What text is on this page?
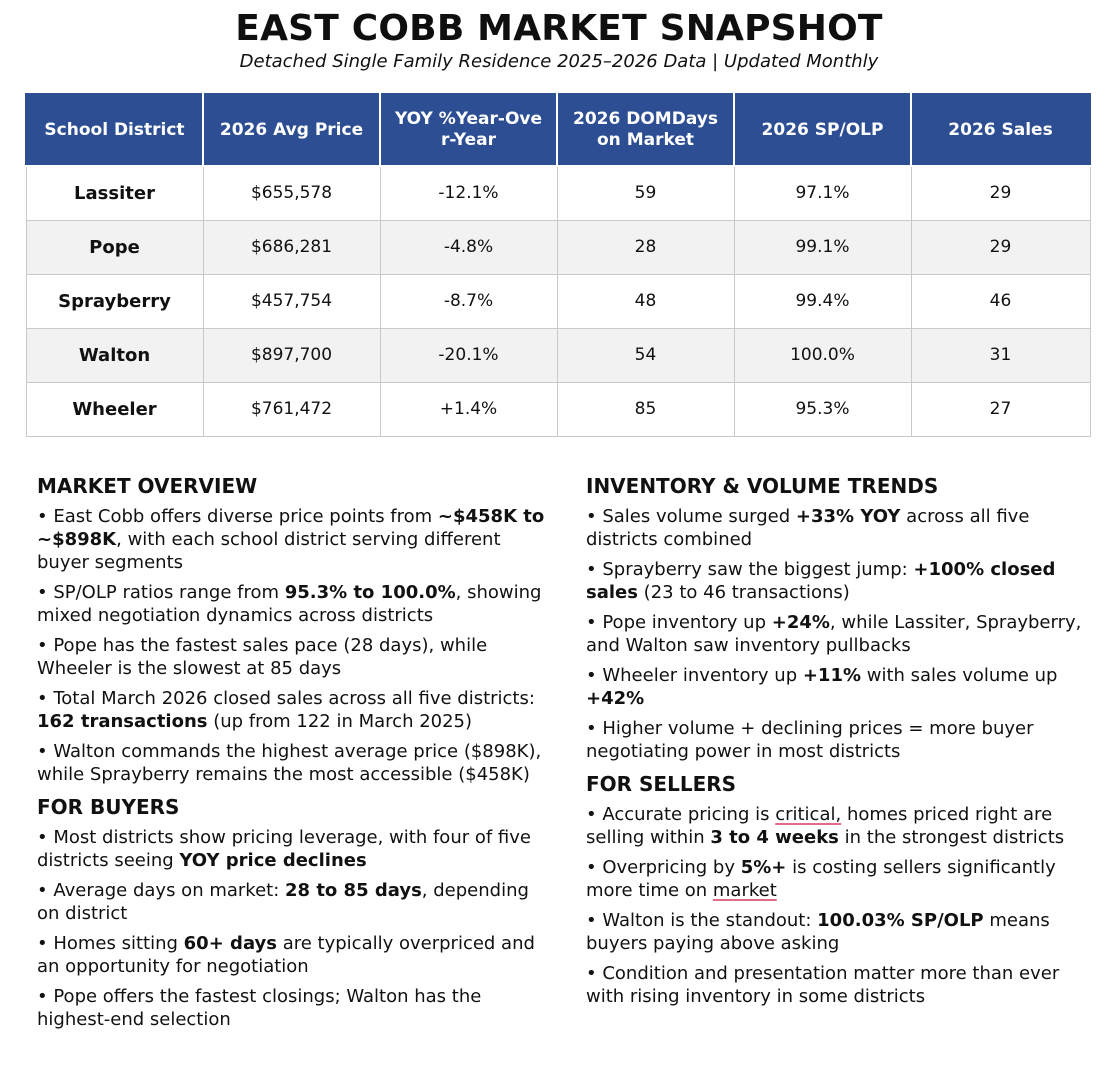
EAST COBB MARKET SNAPSHOT
Detached Single Family Residence 2025–2026 Data | Updated Monthly
School District	2026 Avg Price	YOY %Year-Over-Year	2026 DOMDays on Market	2026 SP/OLP	2026 Sales
Lassiter	$655,578	-12.1%	59	97.1%	29
Pope	$686,281	-4.8%	28	99.1%	29
Sprayberry	$457,754	-8.7%	48	99.4%	46
Walton	$897,700	-20.1%	54	100.0%	31
Wheeler	$761,472	+1.4%	85	95.3%	27
MARKET OVERVIEW
• East Cobb offers diverse price points from ~$458K to ~$898K, with each school district serving different buyer segments
• SP/OLP ratios range from 95.3% to 100.0%, showing mixed negotiation dynamics across districts
• Pope has the fastest sales pace (28 days), while Wheeler is the slowest at 85 days
• Total March 2026 closed sales across all five districts: 162 transactions (up from 122 in March 2025)
• Walton commands the highest average price ($898K), while Sprayberry remains the most accessible ($458K)
FOR BUYERS
• Most districts show pricing leverage, with four of five districts seeing YOY price declines
• Average days on market: 28 to 85 days, depending on district
• Homes sitting 60+ days are typically overpriced and an opportunity for negotiation
• Pope offers the fastest closings; Walton has the highest-end selection
INVENTORY & VOLUME TRENDS
• Sales volume surged +33% YOY across all five districts combined
• Sprayberry saw the biggest jump: +100% closed sales (23 to 46 transactions)
• Pope inventory up +24%, while Lassiter, Sprayberry, and Walton saw inventory pullbacks
• Wheeler inventory up +11% with sales volume up +42%
• Higher volume + declining prices = more buyer negotiating power in most districts
FOR SELLERS
• Accurate pricing is critical, homes priced right are selling within 3 to 4 weeks in the strongest districts
• Overpricing by 5%+ is costing sellers significantly more time on market
• Walton is the standout: 100.03% SP/OLP means buyers paying above asking
• Condition and presentation matter more than ever with rising inventory in some districts
